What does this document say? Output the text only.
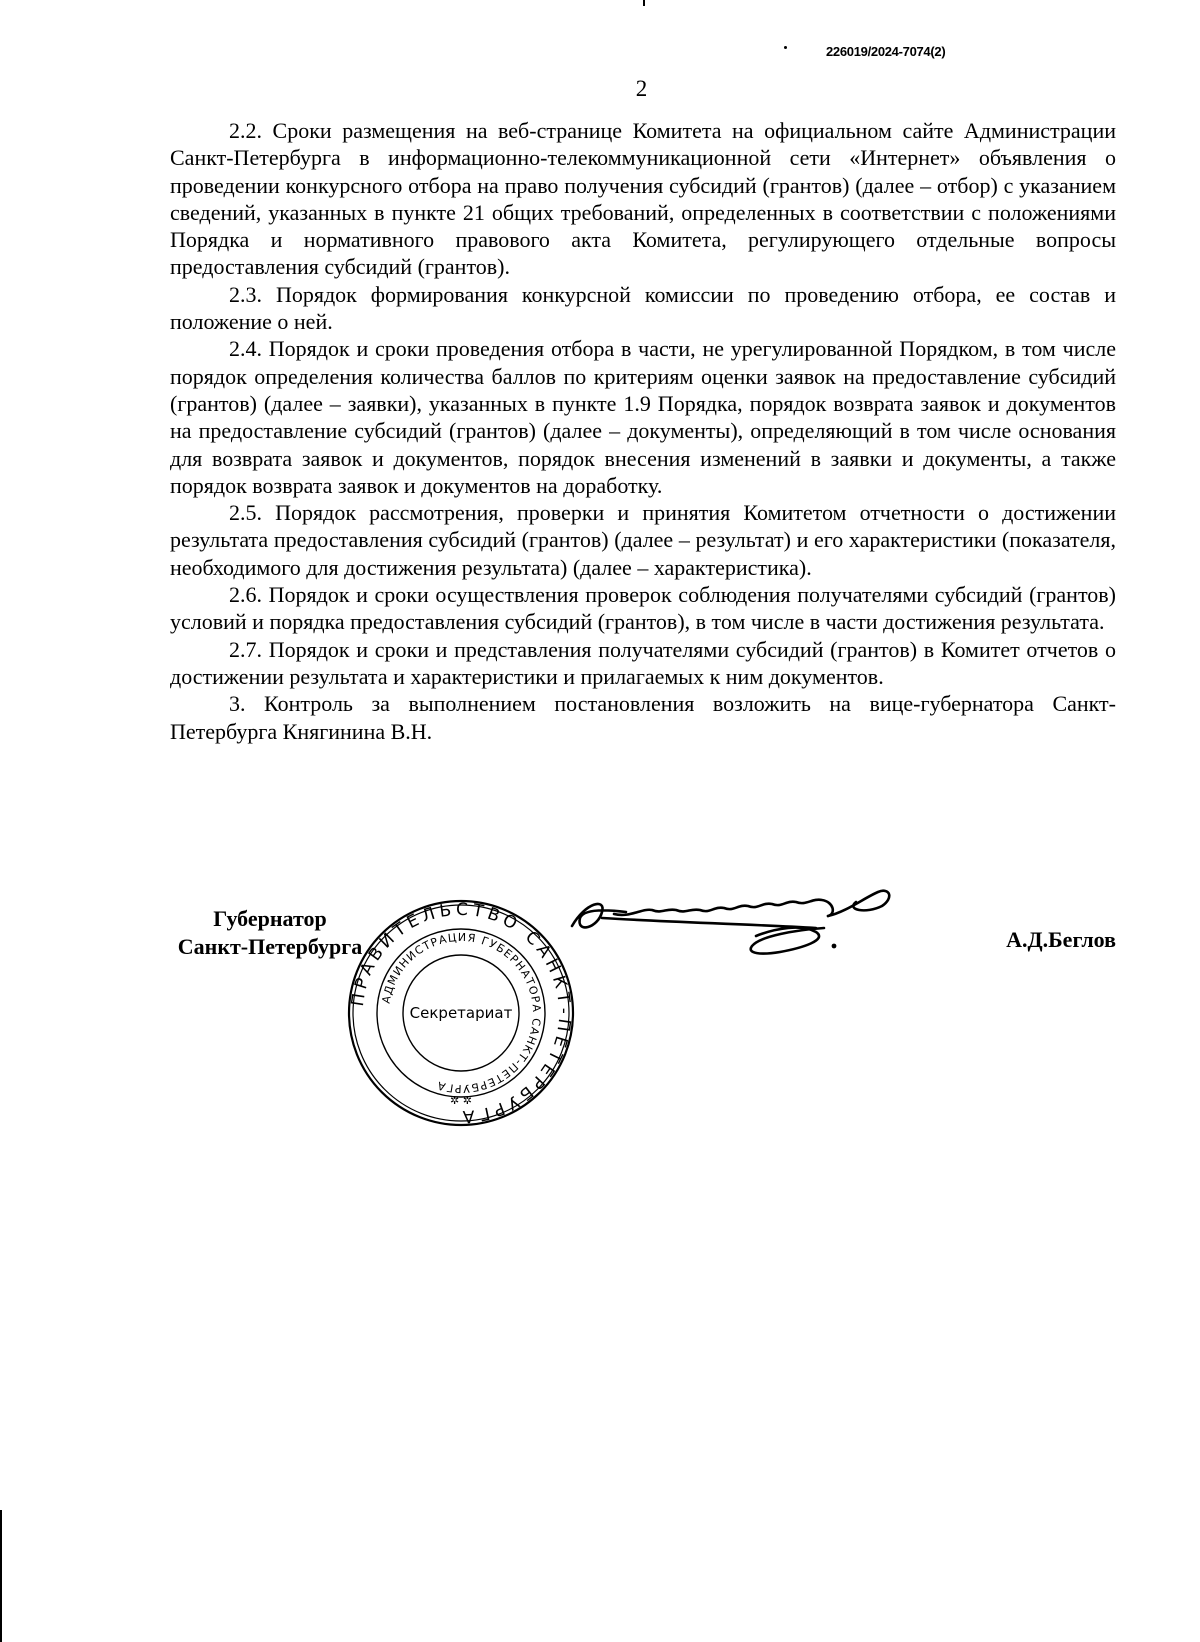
226019/2024-7074(2)
2

2.2. Сроки размещения на веб-странице Комитета на официальном сайте Администрации Санкт-Петербурга в информационно-телекоммуникационной сети «Интернет» объявления о проведении конкурсного отбора на право получения субсидий (грантов) (далее – отбор) с указанием сведений, указанных в пункте 21 общих требований, определенных в соответствии с положениями Порядка и нормативного правового акта Комитета, регулирующего отдельные вопросы предоставления субсидий (грантов).

2.3. Порядок формирования конкурсной комиссии по проведению отбора, ее состав и положение о ней.

2.4. Порядок и сроки проведения отбора в части, не урегулированной Порядком, в том числе порядок определения количества баллов по критериям оценки заявок на предоставление субсидий (грантов) (далее – заявки), указанных в пункте 1.9 Порядка, порядок возврата заявок и документов на предоставление субсидий (грантов) (далее – документы), определяющий в том числе основания для возврата заявок и документов, порядок внесения изменений в заявки и документы, а также порядок возврата заявок и документов на доработку.

2.5. Порядок рассмотрения, проверки и принятия Комитетом отчетности о достижении результата предоставления субсидий (грантов) (далее – результат) и его характеристики (показателя, необходимого для достижения результата) (далее – характеристика).

2.6. Порядок и сроки осуществления проверок соблюдения получателями субсидий (грантов) условий и порядка предоставления субсидий (грантов), в том числе в части достижения результата.

2.7. Порядок и сроки и представления получателями субсидий (грантов) в Комитет отчетов о достижении результата и характеристики и прилагаемых к ним документов.

3. Контроль за выполнением постановления возложить на вице-губернатора Санкт-Петербурга Княгинина В.Н.

Губернатор
Санкт-Петербурга	А.Д.Беглов
ПРАВИТЕЛЬСТВО САНКТ-ПЕТЕРБУРГА
АДМИНИСТРАЦИЯ ГУБЕРНАТОРА САНКТ-ПЕТЕРБУРГА
Секретариат
✲ ✲
